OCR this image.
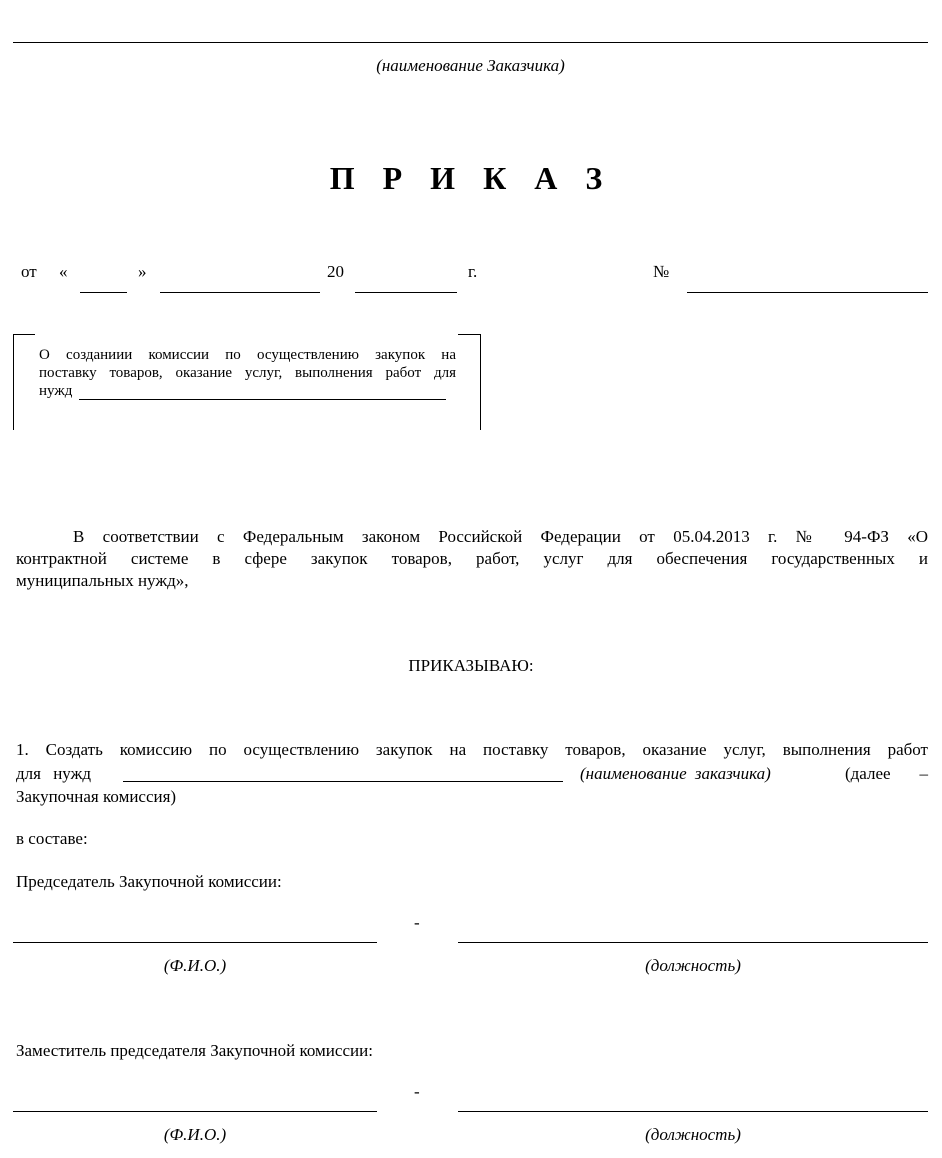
(наименование Заказчика)
П Р И К А З
от «	»	20	г.	№
О созданиии комиссии по осуществлению закупок на
поставку товаров, оказание услуг, выполнения работ для
нужд
В соответствии с Федеральным законом Российской Федерации от 05.04.2013 г. № 94-ФЗ «О
контрактной системе в сфере закупок товаров, работ, услуг для обеспечения государственных и
муниципальных нужд»,
ПРИКАЗЫВАЮ:
1. Создать комиссию по осуществлению закупок на поставку товаров, оказание услуг, выполнения работ
для нужд	(наименование заказчика)	(далее –
Закупочная комиссия)
в составе:
Председатель Закупочной комиссии:
-
(Ф.И.О.)	(должность)
Заместитель председателя Закупочной комиссии:
-
(Ф.И.О.)	(должность)
